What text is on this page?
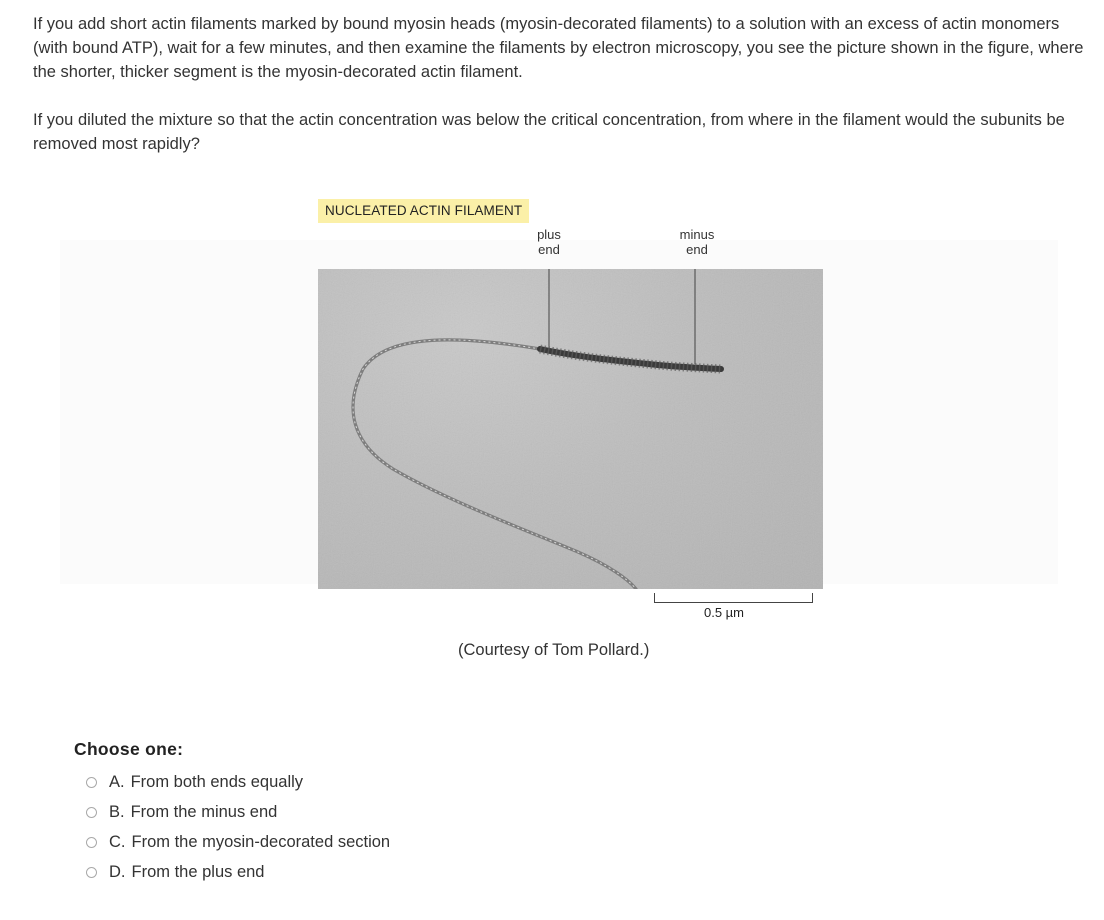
If you add short actin filaments marked by bound myosin heads (myosin-decorated filaments) to a solution with an excess of actin monomers (with bound ATP), wait for a few minutes, and then examine the filaments by electron microscopy, you see the picture shown in the figure, where the shorter, thicker segment is the myosin-decorated actin filament.

If you diluted the mixture so that the actin concentration was below the critical concentration, from where in the filament would the subunits be removed most rapidly?

NUCLEATED ACTIN FILAMENT
plus
end
minus
end
0.5 µm
(Courtesy of Tom Pollard.)
Choose one:
A. From both ends equally
B. From the minus end
C. From the myosin-decorated section
D. From the plus end
